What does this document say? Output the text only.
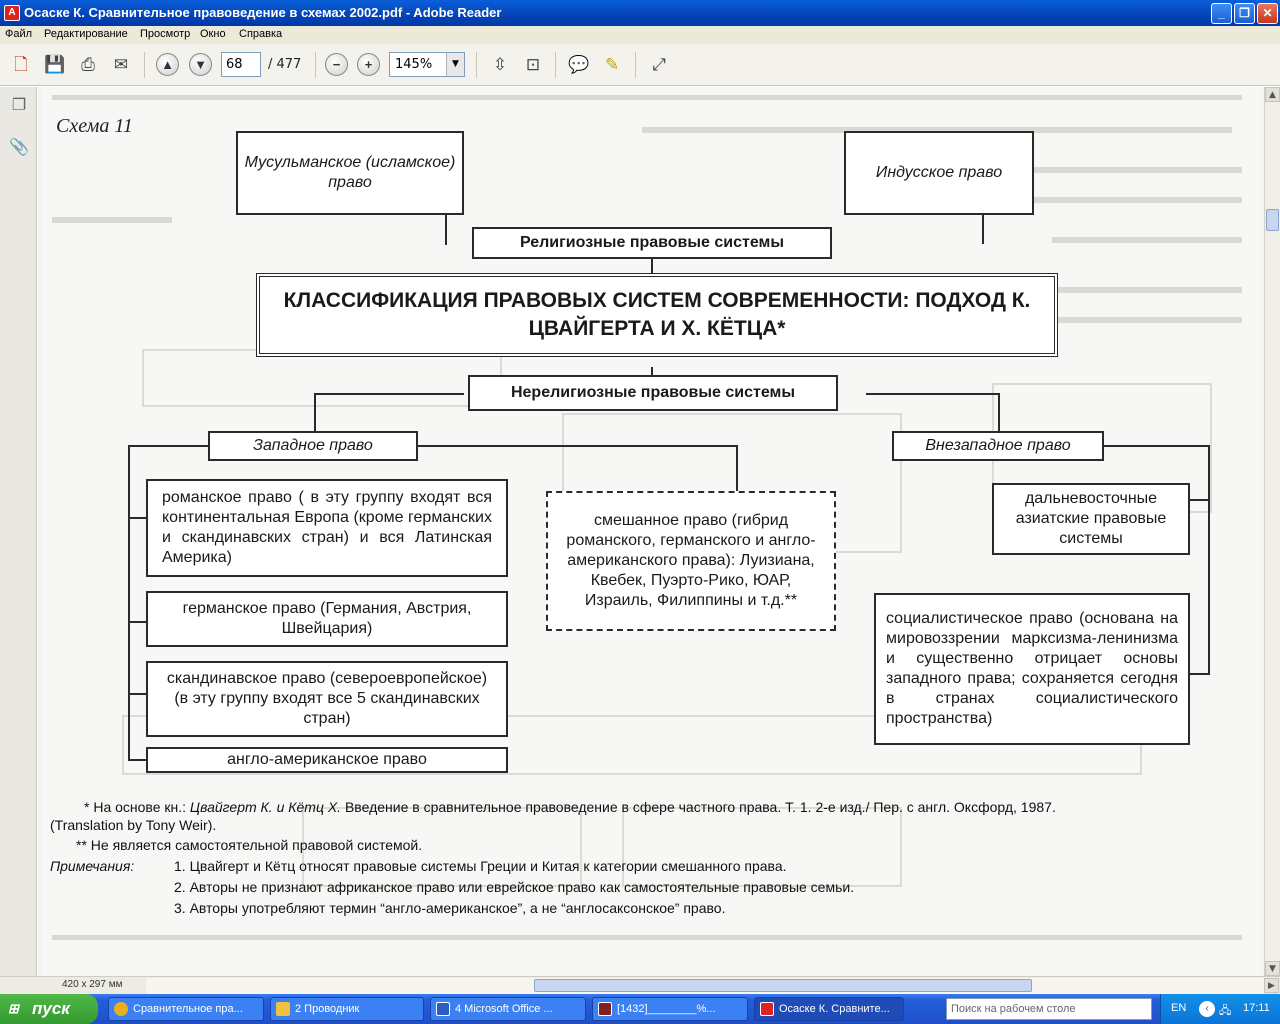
A Осаске К. Сравнительное правоведение в схемах 2002.pdf - Adobe Reader	_	❐	✕
Файл Редактирование Просмотр Окно Справка
🗋 💾 ⎙	✉	▲	▼	−	+	⇳	⊡	💬 ✎	⤢
68	/ 477	145%	▼
❐
📎
Схема 11
Мусульманское (исламское) право
Индусское право
Религиозные правовые системы
КЛАССИФИКАЦИЯ ПРАВОВЫХ СИСТЕМ СОВРЕМЕННОСТИ: ПОДХОД К. ЦВАЙГЕРТА И Х. КЁТЦА*
Нерелигиозные правовые системы
Западное право	Внезападное право
романское право ( в эту группу входят вся континентальная Европа (кроме германских и скандинавских стран) и вся Латинская Америка)
смешанное право (гибрид романского, германского и англо-американского права): Луизиана, Квебек, Пуэрто-Рико, ЮАР, Израиль, Филиппины и т.д.**
дальневосточные азиатские правовые системы
германское право (Германия, Австрия, Швейцария)
социалистическое право (основана на мировоззрении марксизма-ленинизма и существенно отрицает основы западного права; сохраняется сегодня в странах социалистического пространства)
скандинавское право (североевропейское) (в эту группу входят все 5 скандинавских стран)
англо-американское право
* На основе кн.: Цвайгерт К. и Кётц Х. Введение в сравнительное правоведение в сфере частного права. Т. 1. 2-е изд./ Пер. с англ. Оксфорд, 1987.
(Translation by Tony Weir).
** Не является самостоятельной правовой системой.
Примечания:	1. Цвайгерт и Кётц относят правовые системы Греции и Китая к категории смешанного права.
2. Авторы не признают африканское право или еврейское право как самостоятельные правовые семьи.
3. Авторы употребляют термин “англо-американское”, а не “англосаксонское” право.
▲
▼
420 x 297 мм	▶
⊞ пуск	Сравнительное пра...	2 Проводник	4 Microsoft Office ...	[1432]________%...	Осаске К. Сравните...	Поиск на рабочем столе	EN	‹ 🖧 17:11
